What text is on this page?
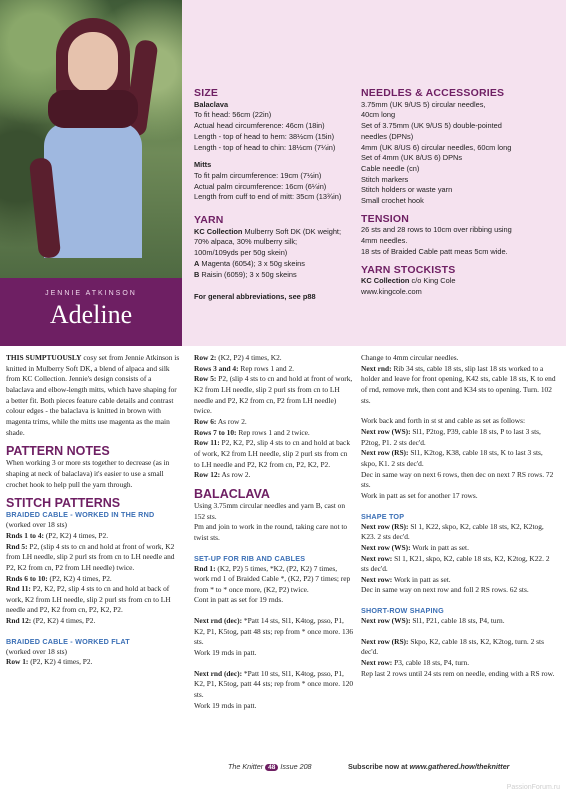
JENNIE ATKINSON
Adeline
SIZE
Balaclava
To fit head: 56cm (22in)
Actual head circumference: 46cm (18in)
Length - top of head to hem: 38½cm (15in)
Length - top of head to chin: 18½cm (7¼in)
Mitts
To fit palm circumference: 19cm (7½in)
Actual palm circumference: 16cm (6¼in)
Length from cuff to end of mitt: 35cm (13¾in)
YARN
KC Collection Mulberry Soft DK (DK weight;
70% alpaca, 30% mulberry silk;
100m/109yds per 50g skein)
A Magenta (6054); 3 x 50g skeins
B Raisin (6059); 3 x 50g skeins
For general abbreviations, see p88
NEEDLES & ACCESSORIES
3.75mm (UK 9/US 5) circular needles,
40cm long
Set of 3.75mm (UK 9/US 5) double-pointed
needles (DPNs)
4mm (UK 8/US 6) circular needles, 60cm long
Set of 4mm (UK 8/US 6) DPNs
Cable needle (cn)
Stitch markers
Stitch holders or waste yarn
Small crochet hook
TENSION
26 sts and 28 rows to 10cm over ribbing using
4mm needles.
18 sts of Braided Cable patt meas 5cm wide.
YARN STOCKISTS
KC Collection c/o King Cole
www.kingcole.com

THIS SUMPTUOUSLY cosy set from Jennie Atkinson is knitted in Mulberry Soft DK, a blend of alpaca and silk from KC Collection. Jennie's design consists of a balaclava and elbow-length mitts, which have shaping for a better fit. Both pieces feature cable details and contrast colour edges - the balaclava is knitted in brown with magenta trims, while the mitts use magenta as the main shade.

PATTERN NOTES

When working 3 or more sts together to decrease (as in shaping at neck of balaclava) it's easier to use a small crochet hook to help pull the yarn through.

STITCH PATTERNS
BRAIDED CABLE - WORKED IN THE RND

(worked over 18 sts)

Rnds 1 to 4: (P2, K2) 4 times, P2.

Rnd 5: P2, (slip 4 sts to cn and hold at front of work, K2 from LH needle, slip 2 purl sts from cn to LH needle and P2, K2 from cn, P2 from LH needle) twice.

Rnds 6 to 10: (P2, K2) 4 times, P2.

Rnd 11: P2, K2, P2, slip 4 sts to cn and hold at back of work, K2 from LH needle, slip 2 purl sts from cn to LH needle and P2, K2 from cn, P2, K2, P2.

Rnd 12: (P2, K2) 4 times, P2.

BRAIDED CABLE - WORKED FLAT

(worked over 18 sts)

Row 1: (P2, K2) 4 times, P2.

Row 2: (K2, P2) 4 times, K2.

Rows 3 and 4: Rep rows 1 and 2.

Row 5: P2, (slip 4 sts to cn and hold at front of work, K2 from LH needle, slip 2 purl sts from cn to LH needle and P2, K2 from cn, P2 from LH needle) twice.

Row 6: As row 2.

Rows 7 to 10: Rep rows 1 and 2 twice.

Row 11: P2, K2, P2, slip 4 sts to cn and hold at back of work, K2 from LH needle, slip 2 purl sts from cn to LH needle and P2, K2 from cn, P2, K2, P2.

Row 12: As row 2.

BALACLAVA

Using 3.75mm circular needles and yarn B, cast on 152 sts.

Pm and join to work in the round, taking care not to twist sts.

SET-UP FOR RIB AND CABLES

Rnd 1: (K2, P2) 5 times, *K2, (P2, K2) 7 times, work rnd 1 of Braided Cable *, (K2, P2) 7 times; rep from * to * once more, (K2, P2) twice.

Cont in patt as set for 19 rnds.

Next rnd (dec): *Patt 14 sts, Sl1, K4tog, psso, P1, K2, P1, K5tog, patt 48 sts; rep from * once more. 136 sts.

Work 19 rnds in patt.

Next rnd (dec): *Patt 10 sts, Sl1, K4tog, psso, P1, K2, P1, K5tog, patt 44 sts; rep from * once more. 120 sts.

Work 19 rnds in patt.

Change to 4mm circular needles.

Next rnd: Rib 34 sts, cable 18 sts, slip last 18 sts worked to a holder and leave for front opening, K42 sts, cable 18 sts, K to end of rnd, remove mrk, then cont and K34 sts to opening. Turn. 102 sts.

Work back and forth in st st and cable as set as follows:

Next row (WS): Sl1, P2tog, P39, cable 18 sts, P to last 3 sts, P2tog, P1. 2 sts dec'd.

Next row (RS): Sl1, K2tog, K38, cable 18 sts, K to last 3 sts, skpo, K1. 2 sts dec'd.

Dec in same way on next 6 rows, then dec on next 7 RS rows. 72 sts.

Work in patt as set for another 17 rows.

SHAPE TOP

Next row (RS): Sl 1, K22, skpo, K2, cable 18 sts, K2, K2tog, K23. 2 sts dec'd.

Next row (WS): Work in patt as set.

Next row: Sl 1, K21, skpo, K2, cable 18 sts, K2, K2tog, K22. 2 sts dec'd.

Next row: Work in patt as set.

Dec in same way on next row and foll 2 RS rows. 62 sts.

SHORT-ROW SHAPING

Next row (WS): Sl1, P21, cable 18 sts, P4, turn.

Next row (RS): Skpo, K2, cable 18 sts, K2, K2tog, turn. 2 sts dec'd.

Next row: P3, cable 18 sts, P4, turn.

Rep last 2 rows until 24 sts rem on needle, ending with a RS row.

The Knitter 48 Issue 208	Subscribe now at www.gathered.how/theknitter
PassionForum.ru
